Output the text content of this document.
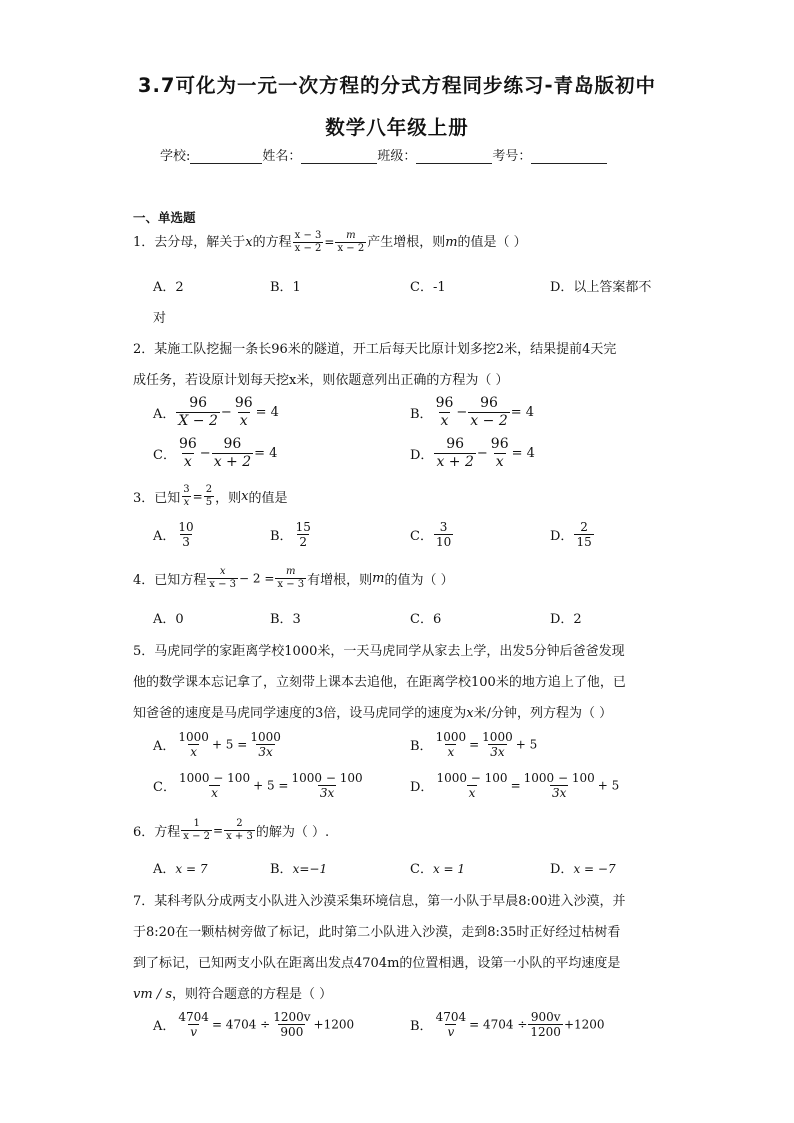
3.7可化为一元一次方程的分式方程同步练习-青岛版初中
数学八年级上册
学校:	姓名：	班级：	考号：
一、单选题
1．去分母，解关于x的方程 $\frac{x - 3}{x - 2} = \frac{m}{x - 2}$ 产生增根，则m的值是（ ）
A．2	B．1	C．-1	D．以上答案都不
对
2．某施工队挖掘一条长96米的隧道，开工后每天比原计划多挖2米，结果提前4天完
成任务，若设原计划每天挖x米，则依题意列出正确的方程为（ ）
A． $\frac{96}{X - 2} - \frac{96}{x} = 4$	B． $\frac{96}{x} - \frac{96}{x - 2} = 4$
C． $\frac{96}{x} - \frac{96}{x + 2} = 4$	D． $\frac{96}{x + 2} - \frac{96}{x} = 4$
3．已知 $\frac{3}{x} = \frac{2}{5}$ ，则x的值是
A． $\frac{10}{3}$	B． $\frac{15}{2}$	C． $\frac{3}{10}$	D． $\frac{2}{15}$
4．已知方程 $\frac{x}{x - 3} - 2 = \frac{m}{x - 3}$ 有增根，则m的值为（ ）
A．0	B．3	C．6	D．2
5．马虎同学的家距离学校1000米，一天马虎同学从家去上学，出发5分钟后爸爸发现
他的数学课本忘记拿了，立刻带上课本去追他，在距离学校100米的地方追上了他，已
知爸爸的速度是马虎同学速度的3倍，设马虎同学的速度为x米/分钟，列方程为（ ）
A． $\frac{1000}{x} + 5 = \frac{1000}{3x}$	B． $\frac{1000}{x} = \frac{1000}{3x} + 5$
C． $\frac{1000 - 100}{x} + 5 = \frac{1000 - 100}{3x}$	D． $\frac{1000 - 100}{x} = \frac{1000 - 100}{3x} + 5$
6．方程 $\frac{1}{x - 2} = \frac{2}{x + 3}$ 的解为（ ）.
A．x = 7	B．x=−1	C．x = 1	D．x = −7
7．某科考队分成两支小队进入沙漠采集环境信息，第一小队于早晨8:00进入沙漠，并
于8:20在一颗枯树旁做了标记，此时第二小队进入沙漠，走到8:35时正好经过枯树看
到了标记，已知两支小队在距离出发点4704m的位置相遇，设第一小队的平均速度是
vm / s，则符合题意的方程是（ ）
A． $\frac{4704}{v} = 4704 \div \frac{1200v}{900} +1200$	B． $\frac{4704}{v} = 4704 \div \frac{900v}{1200} +1200$
